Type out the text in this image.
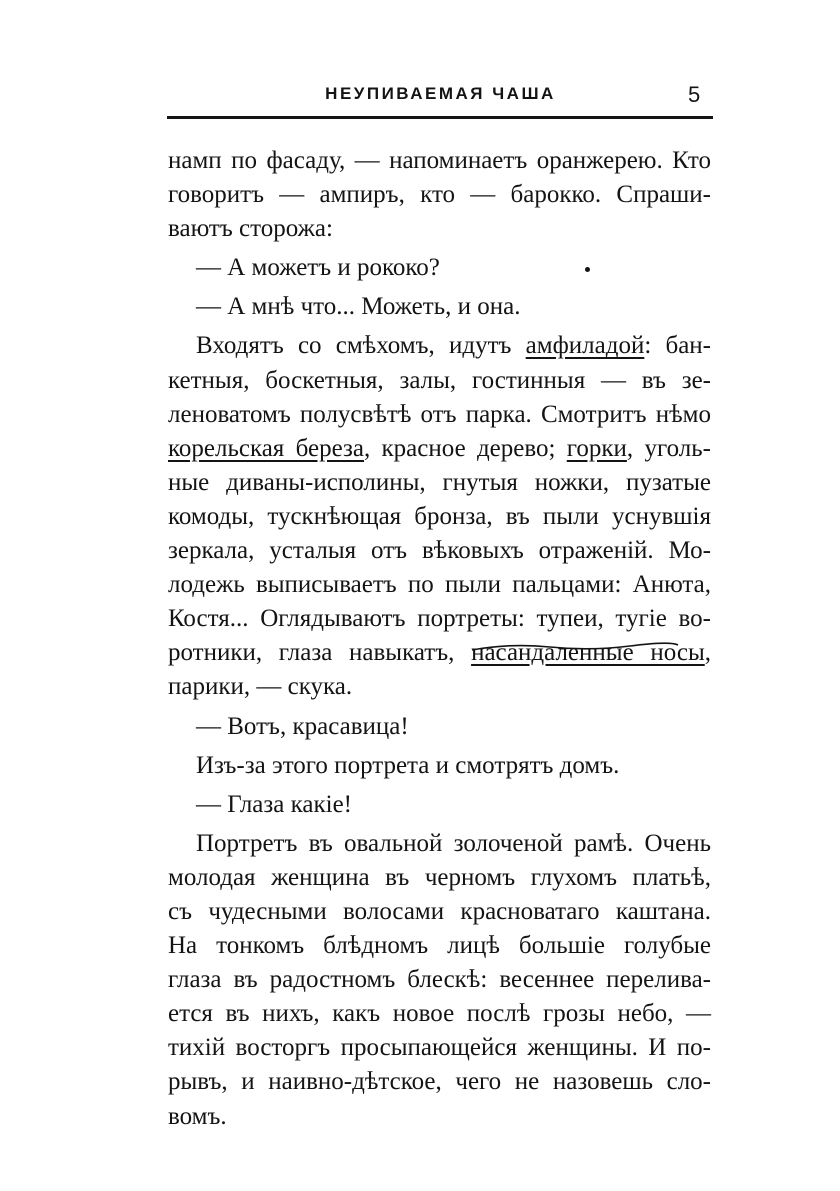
НЕУПИВАЕМАЯ ЧАША	5

намп по фасаду, — напоминаетъ оранжерею. Кто
говоритъ — ампиръ, кто — барокко. Спраши-
ваютъ сторожа:
— А можетъ и рококо?
— А мнѣ что... Можеть, и она.
Входятъ со смѣхомъ, идутъ амфиладой: бан-
кетныя, боскетныя, залы, гостинныя — въ зе-
леноватомъ полусвѣтѣ отъ парка. Смотритъ нѣмо
корельская береза, красное дерево; горки, уголь-
ные диваны-исполины, гнутыя ножки, пузатые
комоды, тускнѣющая бронза, въ пыли уснувшія
зеркала, усталыя отъ вѣковыхъ отраженій. Мо-
лодежь выписываетъ по пыли пальцами: Анюта,
Костя... Оглядываютъ портреты: тупеи, тугіе во-
ротники, глаза навыкатъ, насандаленные носы,
парики, — скука.
— Вотъ, красавица!
Изъ-за этого портрета и смотрятъ домъ.
— Глаза какіе!
Портретъ въ овальной золоченой рамѣ. Очень
молодая женщина въ черномъ глухомъ платьѣ,
съ чудесными волосами красноватаго каштана.
На тонкомъ блѣдномъ лицѣ большіе голубые
глаза въ радостномъ блескѣ: весеннее перелива-
ется въ нихъ, какъ новое послѣ грозы небо, —
тихій восторгъ просыпающейся женщины. И по-
рывъ, и наивно-дѣтское, чего не назовешь сло-
вомъ.
